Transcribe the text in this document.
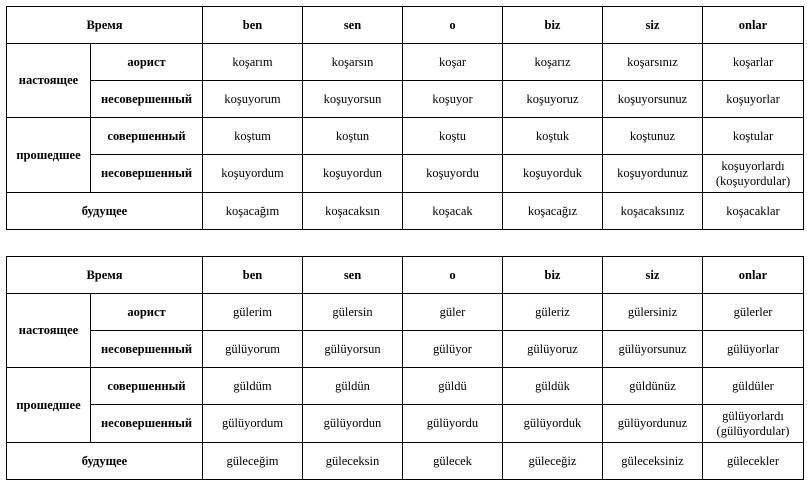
Время		ben	sen	o	biz	siz	onlar
настоящее	аорист	koşarım	koşarsın	koşar	koşarız	koşarsınız	koşarlar
	несовершенный	koşuyorum	koşuyorsun	koşuyor	koşuyoruz	koşuyorsunuz	koşuyorlar
прошедшее	совершенный	koştum	koştun	koştu	koştuk	koştunuz	koştular
	несовершенный	koşuyordum	koşuyordun	koşuyordu	koşuyorduk	koşuyordunuz	koşuyorlardı
(koşuyordular)

будущее		koşacağım	koşacaksın	koşacak	koşacağız	koşacaksınız	koşacaklar
Время		ben	sen	o	biz	siz	onlar
настоящее	аорист	gülerim	gülersin	güler	güleriz	gülersiniz	gülerler
	несовершенный	gülüyorum	gülüyorsun	gülüyor	gülüyoruz	gülüyorsunuz	gülüyorlar
прошедшее	совершенный	güldüm	güldün	güldü	güldük	güldünüz	güldüler
	несовершенный	gülüyordum	gülüyordun	gülüyordu	gülüyorduk	gülüyordunuz	gülüyorlardı
(gülüyordular)

будущее		güleceğim	güleceksin	gülecek	güleceğiz	güleceksiniz	gülecekler
